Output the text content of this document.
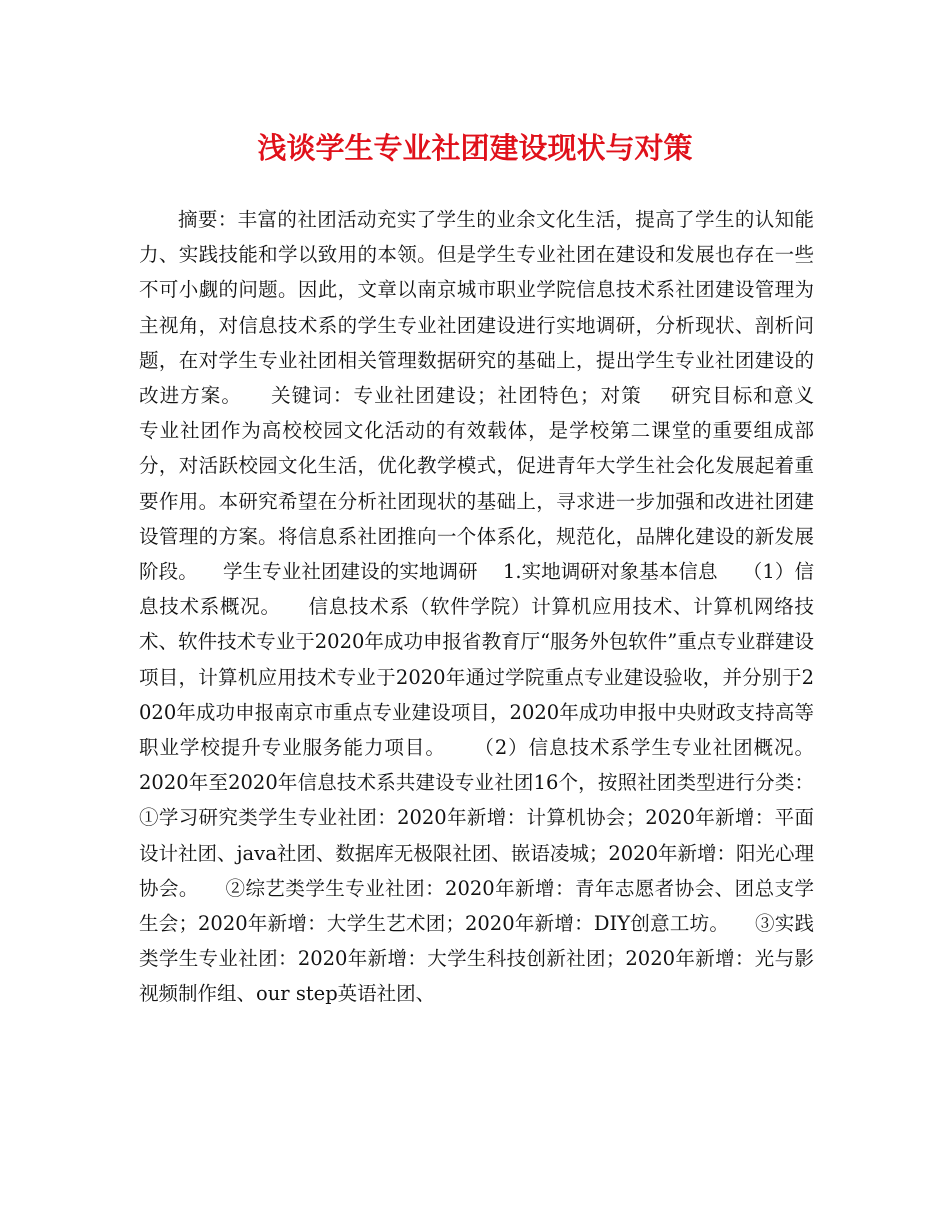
浅谈学生专业社团建设现状与对策

摘要：丰富的社团活动充实了学生的业余文化生活，提高了学生的认知能力、实践技能和学以致用的本领。但是学生专业社团在建设和发展也存在一些不可小觑的问题。因此，文章以南京城市职业学院信息技术系社团建设管理为主视角，对信息技术系的学生专业社团建设进行实地调研，分析现状、剖析问题，在对学生专业社团相关管理数据研究的基础上，提出学生专业社团建设的改进方案。    关键词：专业社团建设；社团特色；对策    研究目标和意义    专业社团作为高校校园文化活动的有效载体，是学校第二课堂的重要组成部分，对活跃校园文化生活，优化教学模式，促进青年大学生社会化发展起着重要作用。本研究希望在分析社团现状的基础上，寻求进一步加强和改进社团建设管理的方案。将信息系社团推向一个体系化，规范化，品牌化建设的新发展阶段。    学生专业社团建设的实地调研    1.实地调研对象基本信息    （1）信息技术系概况。    信息技术系（软件学院）计算机应用技术、计算机网络技术、软件技术专业于2020年成功申报省教育厅“服务外包软件”重点专业群建设项目，计算机应用技术专业于2020年通过学院重点专业建设验收，并分别于2020年成功申报南京市重点专业建设项目，2020年成功申报中央财政支持高等职业学校提升专业服务能力项目。    （2）信息技术系学生专业社团概况。    2020年至2020年信息技术系共建设专业社团16个，按照社团类型进行分类：①学习研究类学生专业社团：2020年新增：计算机协会；2020年新增：平面设计社团、java社团、数据库无极限社团、嵌语凌城；2020年新增：阳光心理协会。    ②综艺类学生专业社团：2020年新增：青年志愿者协会、团总支学生会；2020年新增：大学生艺术团；2020年新增：DIY创意工坊。    ③实践类学生专业社团：2020年新增：大学生科技创新社团；2020年新增：光与影视频制作组、our step英语社团、
